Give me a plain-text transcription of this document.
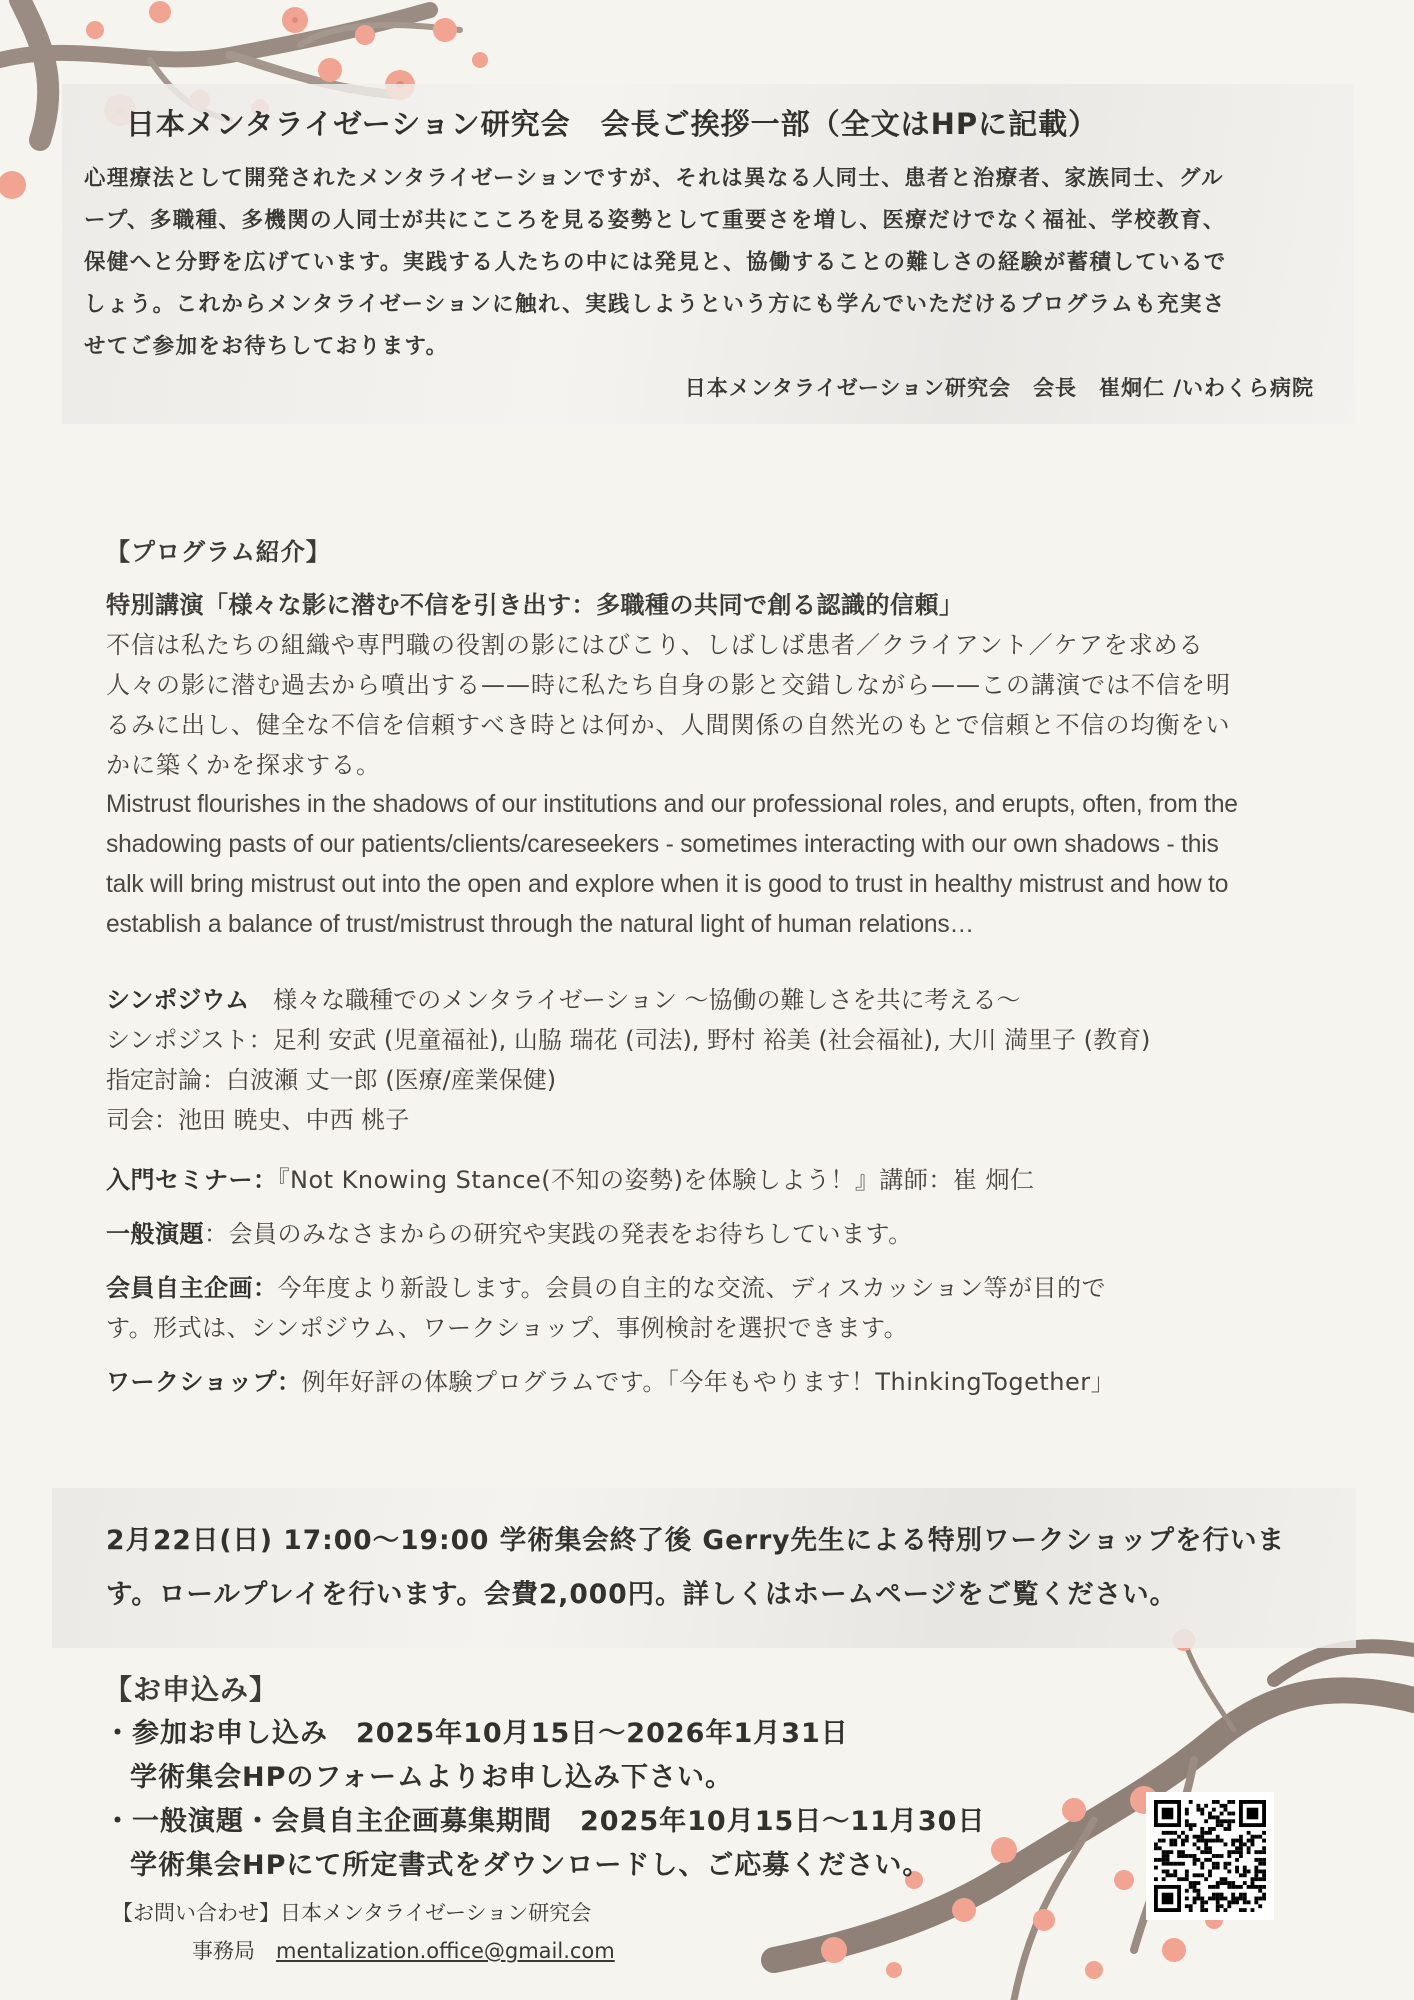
日本メンタライゼーション研究会　会長ご挨拶一部（全文はHPに記載）
心理療法として開発されたメンタライゼーションですが、それは異なる人同士、患者と治療者、家族同士、グル
ープ、多職種、多機関の人同士が共にこころを見る姿勢として重要さを増し、医療だけでなく福祉、学校教育、
保健へと分野を広げています。実践する人たちの中には発見と、協働することの難しさの経験が蓄積しているで
しょう。これからメンタライゼーションに触れ、実践しようという方にも学んでいただけるプログラムも充実さ
せてご参加をお待ちしております。
日本メンタライゼーション研究会　会長　崔炯仁 /いわくら病院
【プログラム紹介】
特別講演「様々な影に潜む不信を引き出す：多職種の共同で創る認識的信頼」
不信は私たちの組織や専門職の役割の影にはびこり、しばしば患者／クライアント／ケアを求める
人々の影に潜む過去から噴出する——時に私たち自身の影と交錯しながら——この講演では不信を明
るみに出し、健全な不信を信頼すべき時とは何か、人間関係の自然光のもとで信頼と不信の均衡をい
かに築くかを探求する。
Mistrust flourishes in the shadows of our institutions and our professional roles, and erupts, often, from the
shadowing pasts of our patients/clients/careseekers - sometimes interacting with our own shadows - this
talk will bring mistrust out into the open and explore when it is good to trust in healthy mistrust and how to
establish a balance of trust/mistrust through the natural light of human relations…
シンポジウム　様々な職種でのメンタライゼーション 〜協働の難しさを共に考える〜
シンポジスト：足利 安武 (児童福祉), 山脇 瑞花 (司法), 野村 裕美 (社会福祉), 大川 満里子 (教育)
指定討論：白波瀬 丈一郎 (医療/産業保健)
司会：池田 暁史、中西 桃子
入門セミナー：『Not Knowing Stance(不知の姿勢)を体験しよう！』講師：崔 炯仁
一般演題：会員のみなさまからの研究や実践の発表をお待ちしています。
会員自主企画：今年度より新設します。会員の自主的な交流、ディスカッション等が目的で
す。形式は、シンポジウム、ワークショップ、事例検討を選択できます。
ワークショップ：例年好評の体験プログラムです。「今年もやります！ThinkingTogether」
2月22日(日) 17:00〜19:00 学術集会終了後 Gerry先生による特別ワークショップを行いま
す。ロールプレイを行います。会費2,000円。詳しくはホームページをご覧ください。
【お申込み】
・参加お申し込み　2025年10月15日〜2026年1月31日
学術集会HPのフォームよりお申し込み下さい。
・一般演題・会員自主企画募集期間　2025年10月15日〜11月30日
学術集会HPにて所定書式をダウンロードし、ご応募ください。
【お問い合わせ】日本メンタライゼーション研究会
事務局　mentalization.office@gmail.com
